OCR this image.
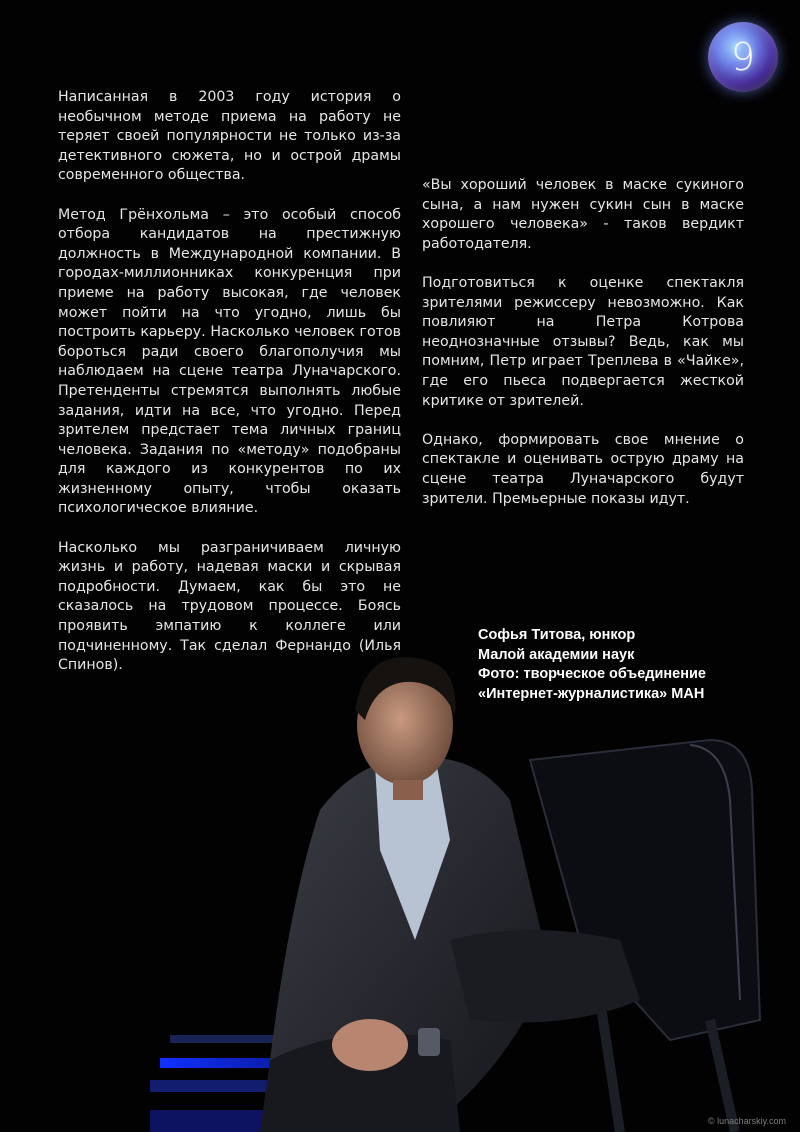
9

Написанная в 2003 году история о необычном методе приема на работу не теряет своей популярности не только из-за детективного сюжета, но и острой драмы современного общества.

Метод Грёнхольма – это особый способ отбора кандидатов на престижную должность в Международной компании. В городах-миллионниках конкуренция при приеме на работу высокая, где человек может пойти на что угодно, лишь бы построить карьеру. Насколько человек готов бороться ради своего благополучия мы наблюдаем на сцене театра Луначарского. Претенденты стремятся выполнять любые задания, идти на все, что угодно. Перед зрителем предстает тема личных границ человека. Задания по «методу» подобраны для каждого из конкурентов по их жизненному опыту, чтобы оказать психологическое влияние.

Насколько мы разграничиваем личную жизнь и работу, надевая маски и скрывая подробности. Думаем, как бы это не сказалось на трудовом процессе. Боясь проявить эмпатию к коллеге или подчиненному. Так сделал Фернандо (Илья Спинов).

«Вы хороший человек в маске сукиного сына, а нам нужен сукин сын в маске хорошего человека» - таков вердикт работодателя.

Подготовиться к оценке спектакля зрителями режиссеру невозможно. Как повлияют на Петра Котрова неоднозначные отзывы? Ведь, как мы помним, Петр играет Треплева в «Чайке», где его пьеса подвергается жесткой критике от зрителей.

Однако, формировать свое мнение о спектакле и оценивать острую драму на сцене театра Луначарского будут зрители. Премьерные показы идут.

Софья Титова, юнкор
Малой академии наук
Фото: творческое объединение
«Интернет-журналистика» МАН
© lunacharskiy.com
